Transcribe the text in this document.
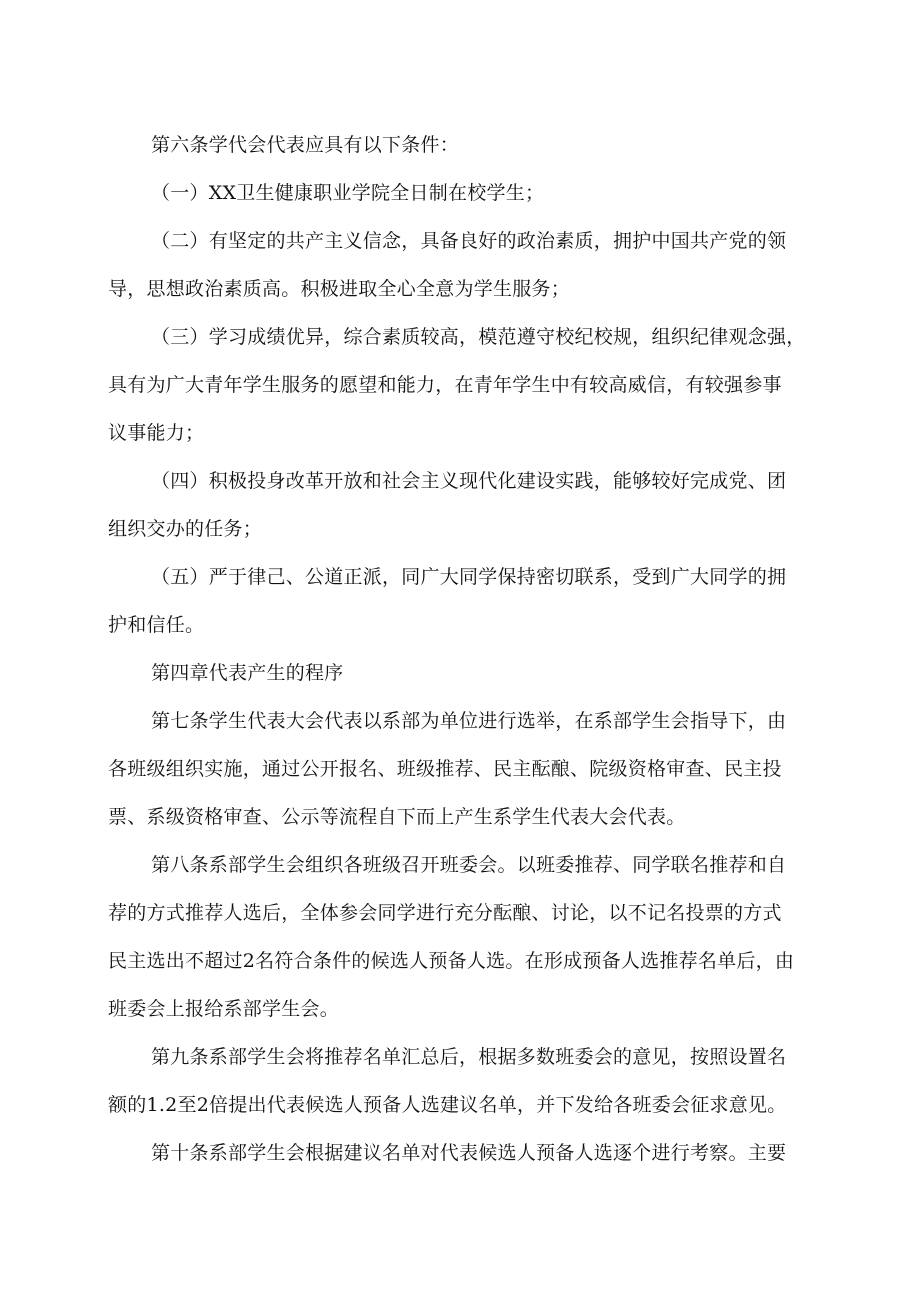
第六条学代会代表应具有以下条件：

（一）XX卫生健康职业学院全日制在校学生；

（二）有坚定的共产主义信念，具备良好的政治素质，拥护中国共产党的领

导，思想政治素质高。积极进取全心全意为学生服务；

（三）学习成绩优异，综合素质较高，模范遵守校纪校规，组织纪律观念强，

具有为广大青年学生服务的愿望和能力，在青年学生中有较高威信，有较强参事

议事能力；

（四）积极投身改革开放和社会主义现代化建设实践，能够较好完成党、团

组织交办的任务；

（五）严于律己、公道正派，同广大同学保持密切联系，受到广大同学的拥

护和信任。

第四章代表产生的程序

第七条学生代表大会代表以系部为单位进行选举，在系部学生会指导下，由

各班级组织实施，通过公开报名、班级推荐、民主酝酿、院级资格审查、民主投

票、系级资格审查、公示等流程自下而上产生系学生代表大会代表。

第八条系部学生会组织各班级召开班委会。以班委推荐、同学联名推荐和自

荐的方式推荐人选后，全体参会同学进行充分酝酿、讨论，以不记名投票的方式

民主选出不超过2名符合条件的候选人预备人选。在形成预备人选推荐名单后，由

班委会上报给系部学生会。

第九条系部学生会将推荐名单汇总后，根据多数班委会的意见，按照设置名

额的1.2至2倍提出代表候选人预备人选建议名单，并下发给各班委会征求意见。

第十条系部学生会根据建议名单对代表候选人预备人选逐个进行考察。主要
